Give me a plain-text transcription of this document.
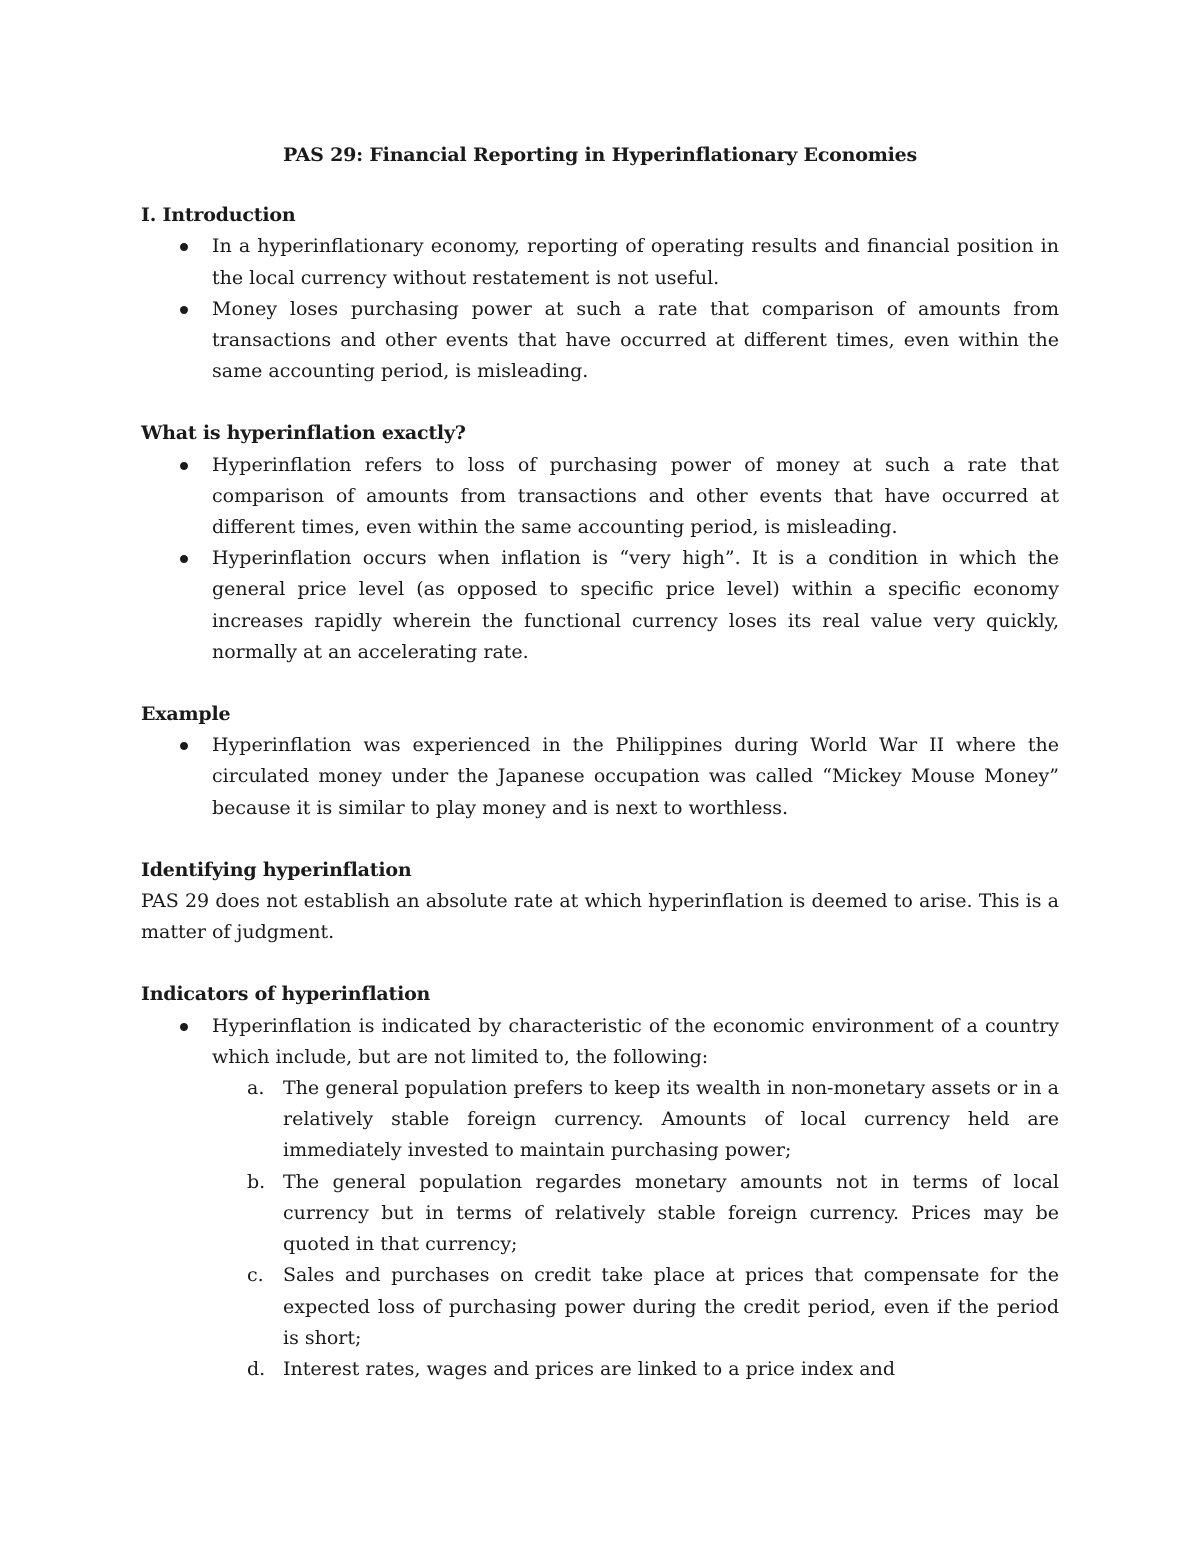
PAS 29: Financial Reporting in Hyperinflationary Economies

I. Introduction

In a hyperinflationary economy, reporting of operating results and financial position in the local currency without restatement is not useful.
Money loses purchasing power at such a rate that comparison of amounts from transactions and other events that have occurred at different times, even within the same accounting period, is misleading.

What is hyperinflation exactly?

Hyperinflation refers to loss of purchasing power of money at such a rate that comparison of amounts from transactions and other events that have occurred at different times, even within the same accounting period, is misleading.
Hyperinflation occurs when inflation is “very high”. It is a condition in which the general price level (as opposed to specific price level) within a specific economy increases rapidly wherein the functional currency loses its real value very quickly, normally at an accelerating rate.

Example

Hyperinflation was experienced in the Philippines during World War II where the circulated money under the Japanese occupation was called “Mickey Mouse Money” because it is similar to play money and is next to worthless.

Identifying hyperinflation

PAS 29 does not establish an absolute rate at which hyperinflation is deemed to arise. This is a matter of judgment.

Indicators of hyperinflation

Hyperinflation is indicated by characteristic of the economic environment of a country which include, but are not limited to, the following:
a. The general population prefers to keep its wealth in non-monetary assets or in a relatively stable foreign currency. Amounts of local currency held are immediately invested to maintain purchasing power;
b. The general population regardes monetary amounts not in terms of local currency but in terms of relatively stable foreign currency. Prices may be quoted in that currency;
c. Sales and purchases on credit take place at prices that compensate for the expected loss of purchasing power during the credit period, even if the period is short;
d. Interest rates, wages and prices are linked to a price index and
